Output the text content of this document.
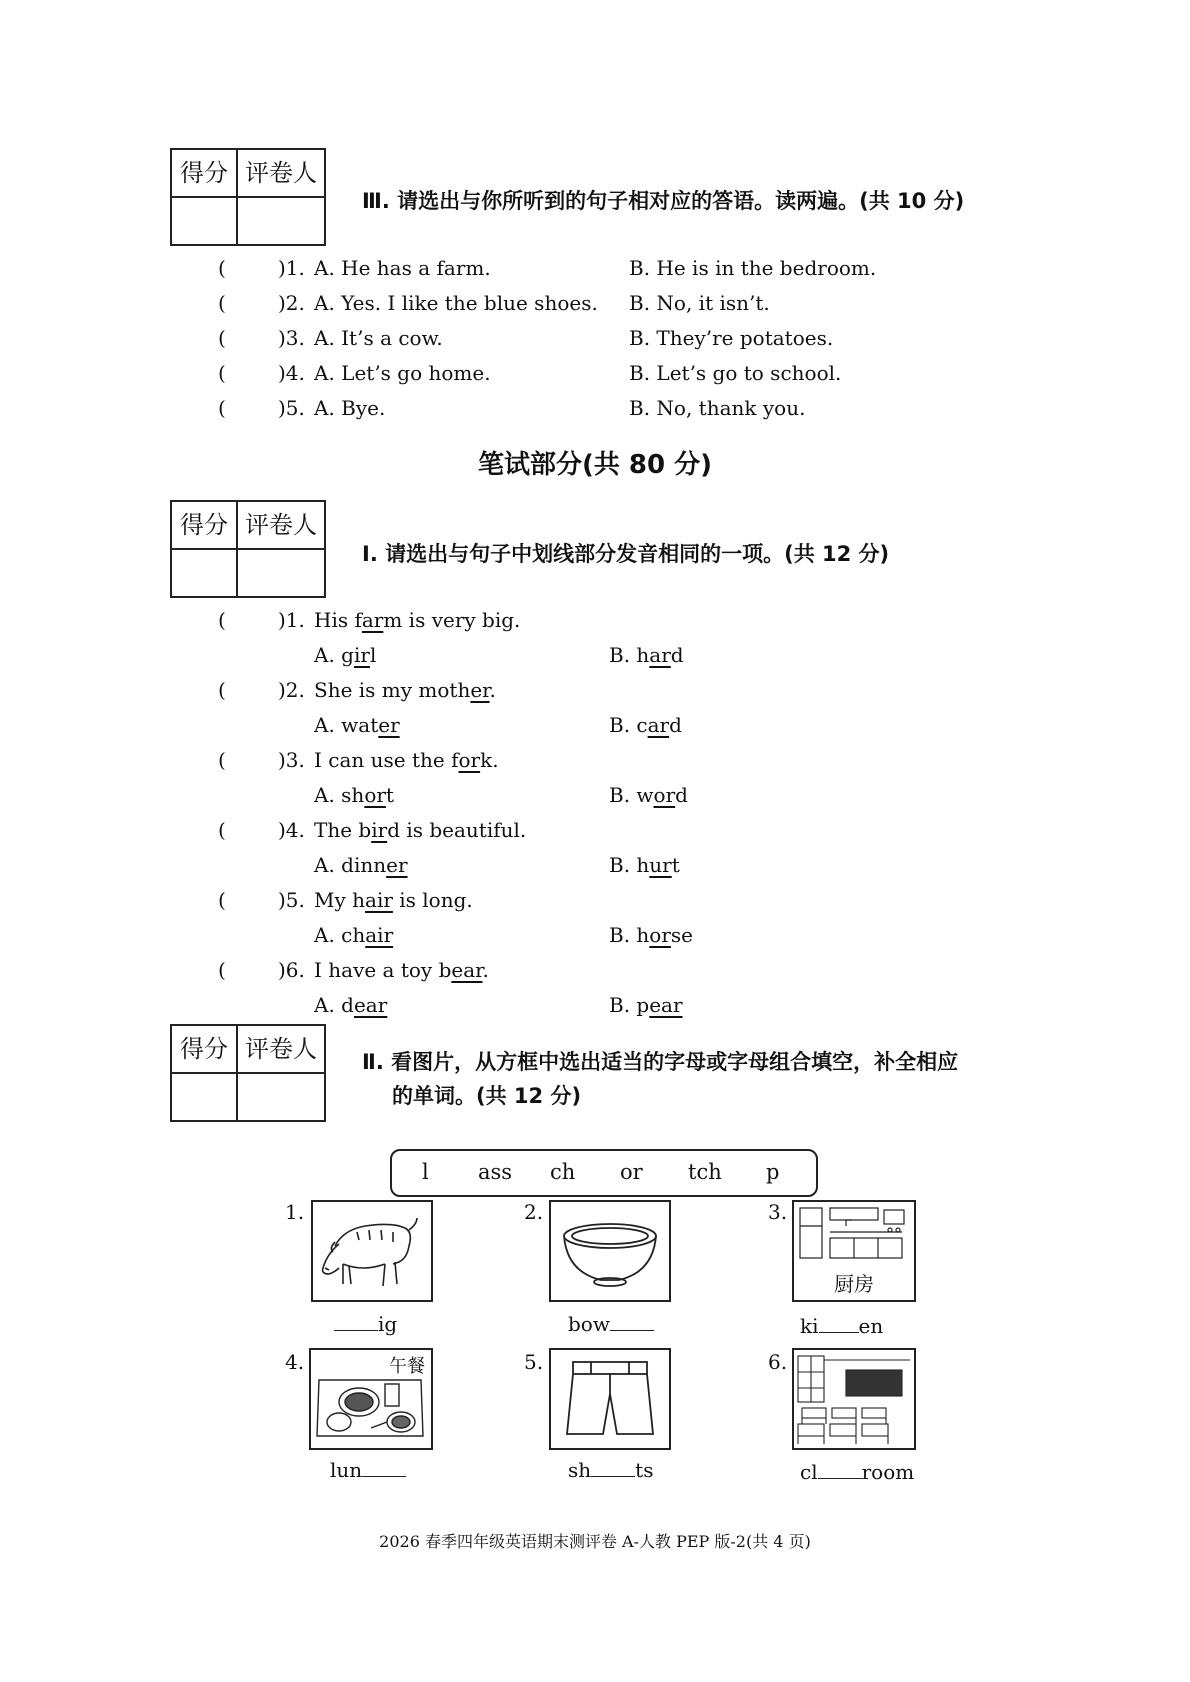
得分 评卷人
Ⅲ. 请选出与你所听到的句子相对应的答语。读两遍。(共 10 分)
(	)1. A. He has a farm.	B. He is in the bedroom.
(	)2. A. Yes. I like the blue shoes. B. No, it isn’t.
(	)3. A. It’s a cow.	B. They’re potatoes.
(	)4. A. Let’s go home.	B. Let’s go to school.
(	)5. A. Bye.	B. No, thank you.
笔试部分(共 80 分)
得分 评卷人
Ⅰ. 请选出与句子中划线部分发音相同的一项。(共 12 分)
(	)1. His farm is very big.
A. girl	B. hard
(	)2. She is my mother.
A. water	B. card
(	)3. I can use the fork.
A. short	B. word
(	)4. The bird is beautiful.
A. dinner	B. hurt
(	)5. My hair is long.
A. chair	B. horse
(	)6. I have a toy bear.
A. dear	B. pear
得分 评卷人	Ⅱ. 看图片，从方框中选出适当的字母或字母组合填空，补全相应
的单词。(共 12 分)
l ass ch or tch p
1.
ig
2.
bow
3.
厨房
ki en
4.	午餐
lun
5.
sh ts
6.
cl room
2026 春季四年级英语期末测评卷 A-人教 PEP 版-2(共 4 页)
